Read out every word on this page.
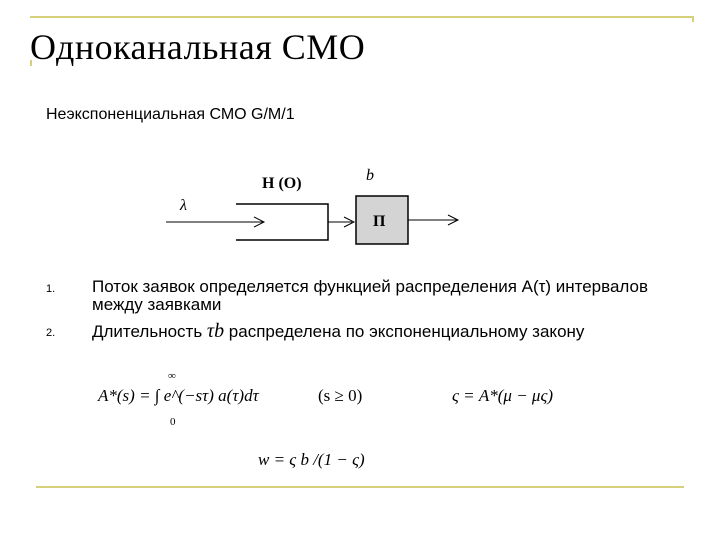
Одноканальная СМО
Неэкспоненциальная СМО G/M/1
λ
Н (О)	b
П
1. Поток заявок определяется функцией распределения A(τ) интервалов между заявками
2. Длительность τb распределена по экспоненциальному закону
∞
A*(s) = ∫ e^(−sτ) a(τ)dτ
0
(s ≥ 0)	ς = A*(μ − μς)
w = ς b /(1 − ς)
